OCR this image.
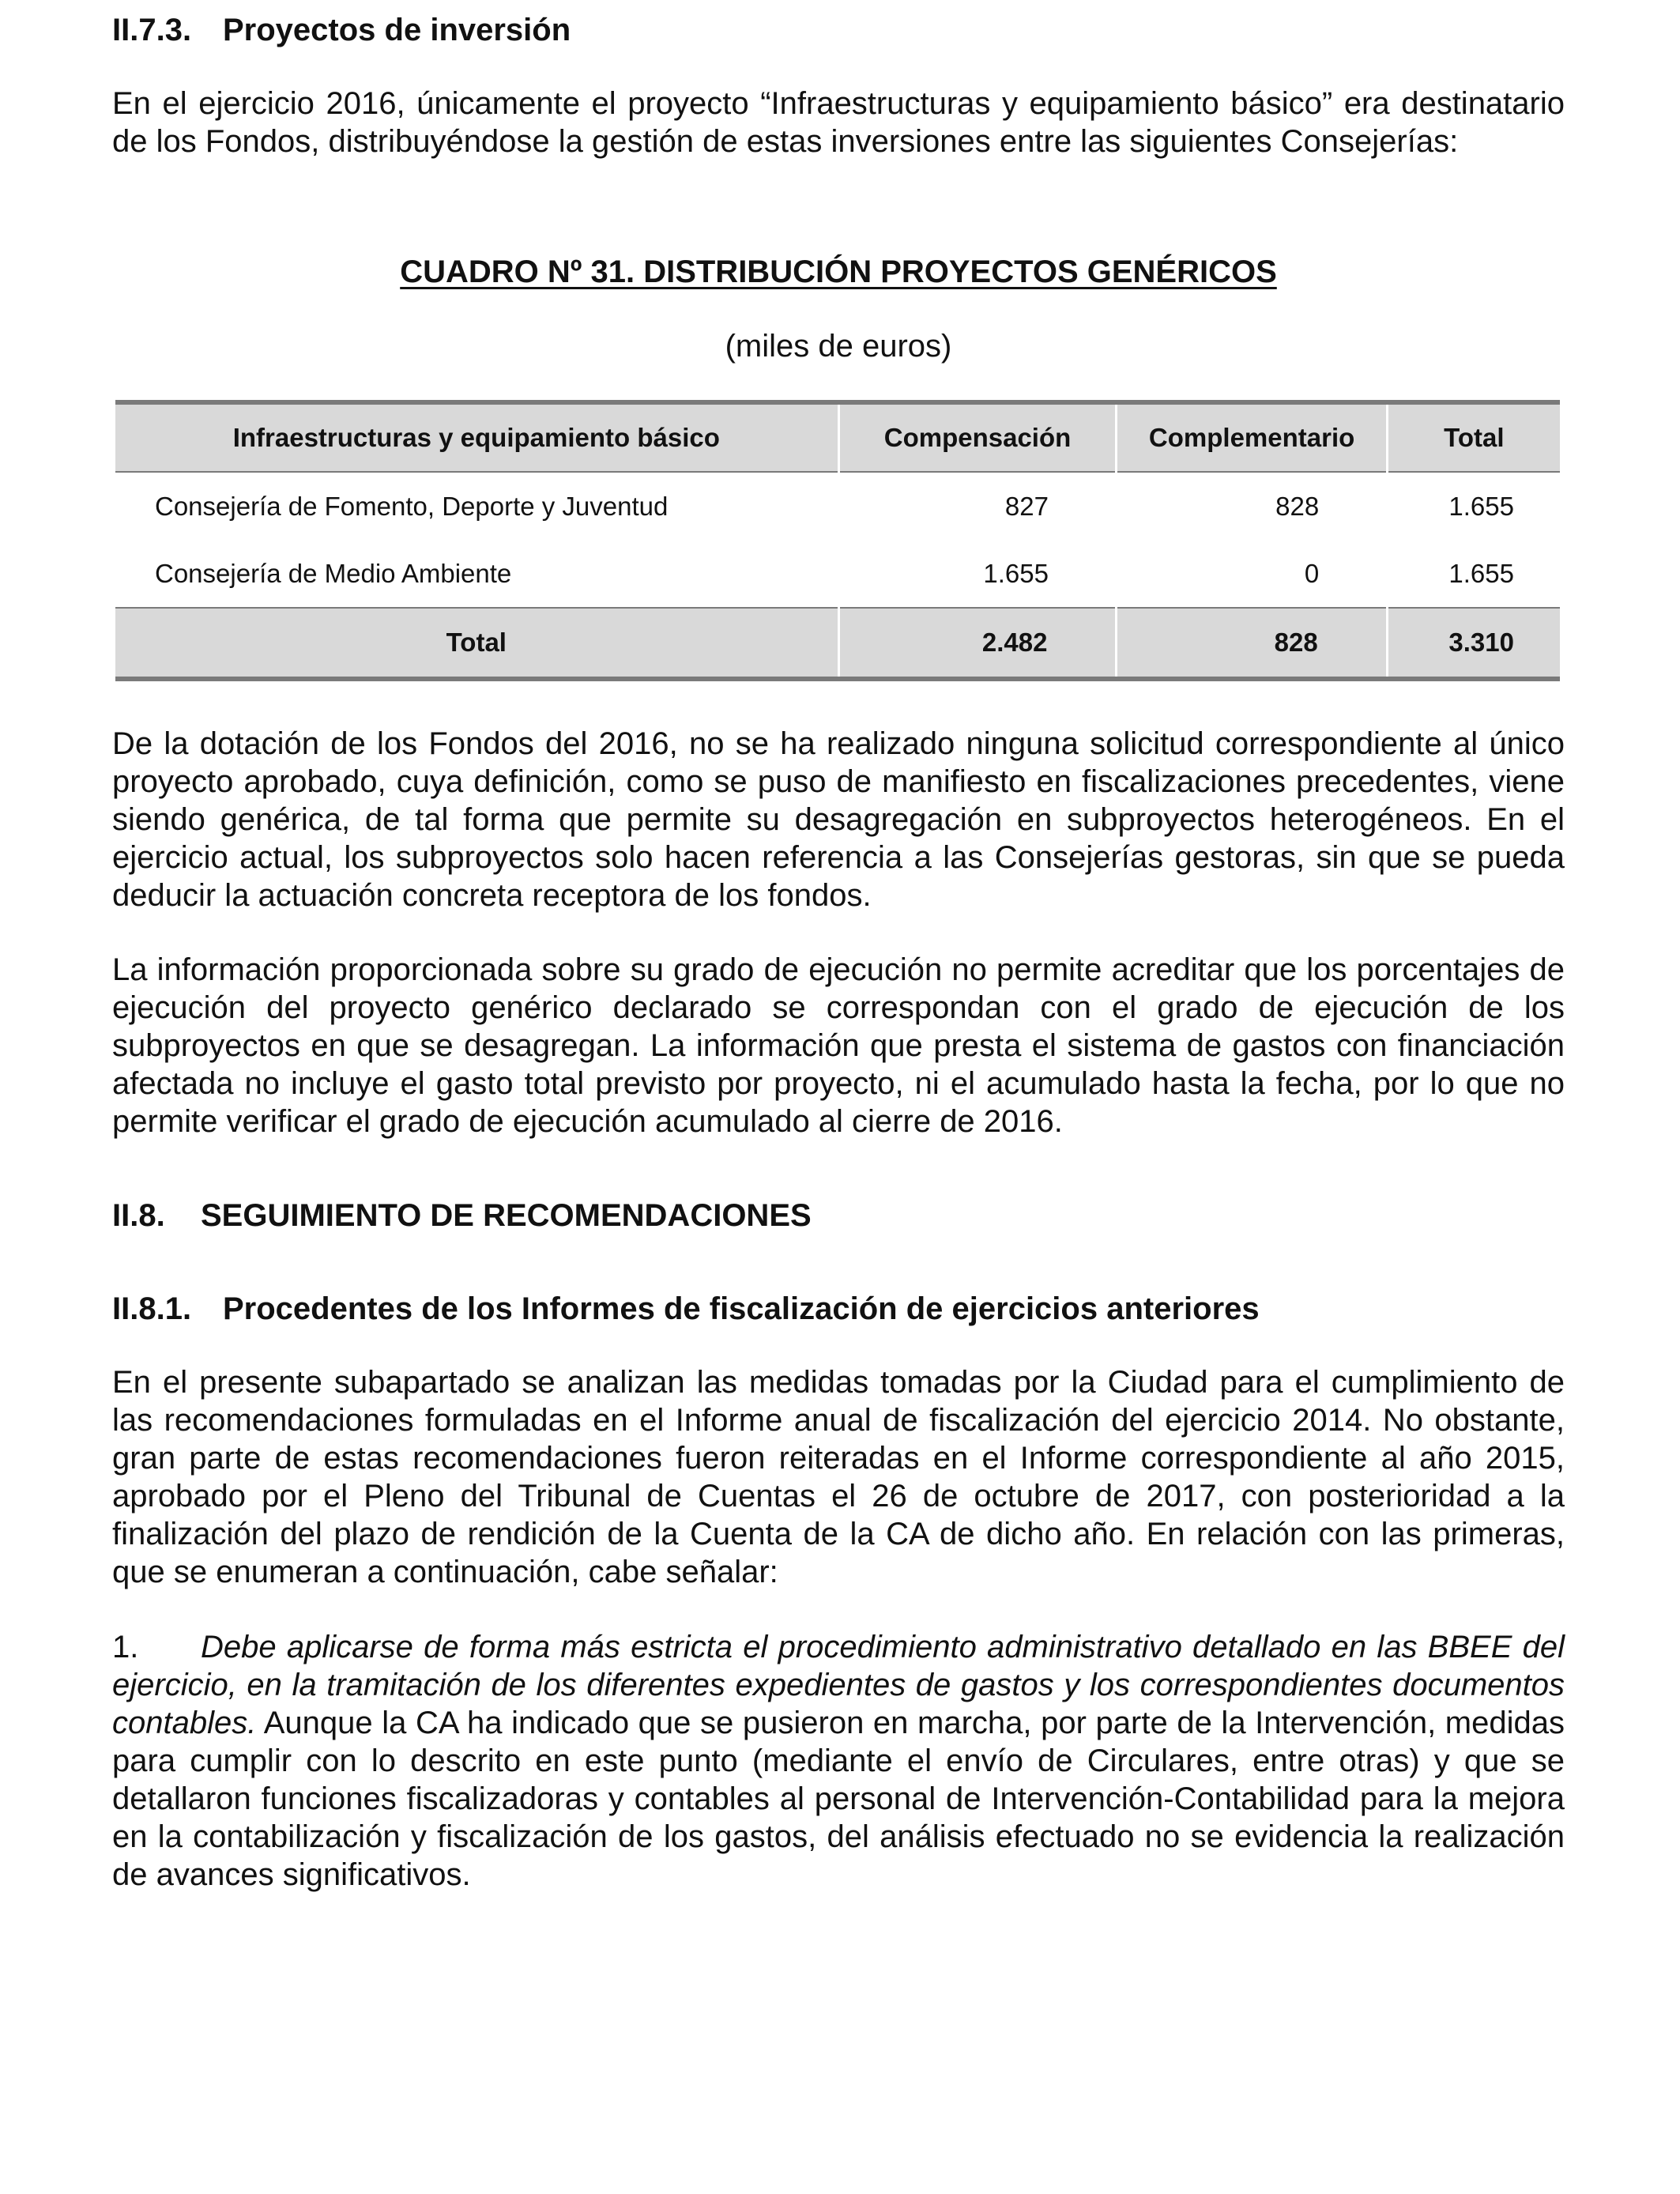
II.7.3. Proyectos de inversión

En el ejercicio 2016, únicamente el proyecto “Infraestructuras y equipamiento básico” era destinatario de los Fondos, distribuyéndose la gestión de estas inversiones entre las siguientes Consejerías:

CUADRO Nº 31. DISTRIBUCIÓN PROYECTOS GENÉRICOS

(miles de euros)

Infraestructuras y equipamiento básico	Compensación	Complementario	Total
Consejería de Fomento, Deporte y Juventud	827	828	1.655
Consejería de Medio Ambiente	1.655	0	1.655
Total	2.482	828	3.310

De la dotación de los Fondos del 2016, no se ha realizado ninguna solicitud correspondiente al único proyecto aprobado, cuya definición, como se puso de manifiesto en fiscalizaciones precedentes, viene siendo genérica, de tal forma que permite su desagregación en subproyectos heterogéneos. En el ejercicio actual, los subproyectos solo hacen referencia a las Consejerías gestoras, sin que se pueda deducir la actuación concreta receptora de los fondos.

La información proporcionada sobre su grado de ejecución no permite acreditar que los porcentajes de ejecución del proyecto genérico declarado se correspondan con el grado de ejecución de los subproyectos en que se desagregan. La información que presta el sistema de gastos con financiación afectada no incluye el gasto total previsto por proyecto, ni el acumulado hasta la fecha, por lo que no permite verificar el grado de ejecución acumulado al cierre de 2016.

II.8.	SEGUIMIENTO DE RECOMENDACIONES
II.8.1. Procedentes de los Informes de fiscalización de ejercicios anteriores

En el presente subapartado se analizan las medidas tomadas por la Ciudad para el cumplimiento de las recomendaciones formuladas en el Informe anual de fiscalización del ejercicio 2014. No obstante, gran parte de estas recomendaciones fueron reiteradas en el Informe correspondiente al año 2015, aprobado por el Pleno del Tribunal de Cuentas el 26 de octubre de 2017, con posterioridad a la finalización del plazo de rendición de la Cuenta de la CA de dicho año. En relación con las primeras, que se enumeran a continuación, cabe señalar:

1. Debe aplicarse de forma más estricta el procedimiento administrativo detallado en las BBEE del ejercicio, en la tramitación de los diferentes expedientes de gastos y los correspondientes documentos contables. Aunque la CA ha indicado que se pusieron en marcha, por parte de la Intervención, medidas para cumplir con lo descrito en este punto (mediante el envío de Circulares, entre otras) y que se detallaron funciones fiscalizadoras y contables al personal de Intervención-Contabilidad para la mejora en la contabilización y fiscalización de los gastos, del análisis efectuado no se evidencia la realización de avances significativos.
